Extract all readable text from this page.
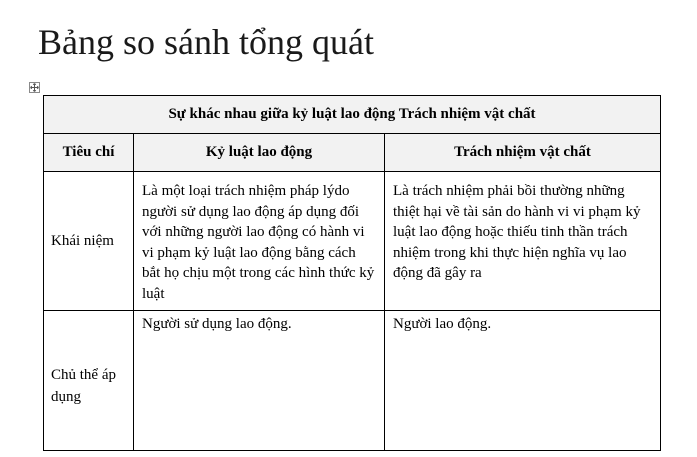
Bảng so sánh tổng quát
Sự khác nhau giữa kỷ luật lao động Trách nhiệm vật chất		
Tiêu chí	Kỷ luật lao động	Trách nhiệm vật chất
Khái niệm	Là một loại trách nhiệm pháp lýdo người sử dụng lao động áp dụng đối với những người lao động có hành vi vi phạm kỷ luật lao động bằng cách bắt họ chịu một trong các hình thức kỷ luật	Là trách nhiệm phải bồi thường những thiệt hại về tài sản do hành vi vi phạm kỷ luật lao động hoặc thiếu tinh thần trách nhiệm trong khi thực hiện nghĩa vụ lao động đã gây ra
Chủ thể áp dụng	Người sử dụng lao động.	Người lao động.
